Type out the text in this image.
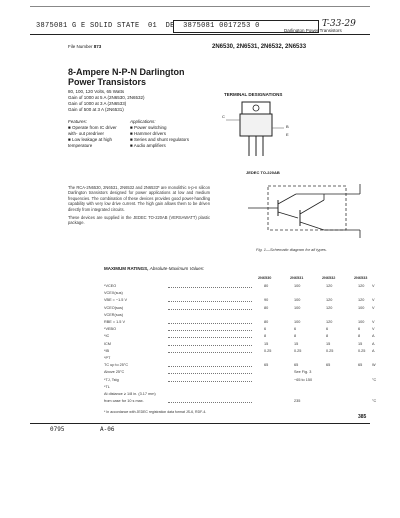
3875081 G E SOLID STATE 01 DE 3875081 0017253 0	T-33-29
Darlington Power Transistors
File Number 873	2N6530, 2N6531, 2N6532, 2N6533
8-Ampere N-P-N Darlington
Power Transistors
80, 100, 120 Volts, 65 Watts
Gain of 1000 at 5 A (2N6530, 2N6532)
Gain of 1000 at 3 A (2N6533)
Gain of 500 at 3 A (2N6531)
Features:
■ Operate from IC driver with- out predriver
■ Low leakage at high temperature
Applications:
■ Power switching
■ Hammer drivers
■ Series and shunt regulators
■ Audio amplifiers
TERMINAL DESIGNATIONS
C
B
E
JEDEC TO-220AB

The RCA-2N6530, 2N6531, 2N6532 and 2N6533* are monolithic n-p-n silicon Darlington transistors designed for power applications at low and medium frequencies. The combination of these devices provides good power-handling capability with very low drive current. The high gain allows them to be driven directly from integrated circuits.

These devices are supplied in the JEDEC TO-220AB (VERSAWATT) plastic package.

Fig. 1—Schematic diagram for all types.
MAXIMUM RATINGS, Absolute-Maximum Values:
2N6530	2N6531	2N6532	2N6533
*VCEO	80	100	120	120 V
VCEX(sus)
VBE = −1.5 V	90	100	120	120 V
VCEO(sus)	80	100	120	100 V
VCER(sus)
RBE = 1.5 V	80	100	120	100 V
*VEBO	6	6	6	6	V
*IC	8	8	8	8	A
ICM	15	15	15	15	A
*IB	0.25	0.25	0.25	0.25 A
*PT
TC up to 25°C	65	65	65	65	W
Above 25°C	See Fig. 3
*TJ, Tstg	−65 to 150	°C
*TL
At distance ≥ 1/8 in. (3.17 mm)
from case for 10 s max.	235	°C
* In accordance with JEDEC registration data format JS-6, RDF-4.
385
0795	A-06
